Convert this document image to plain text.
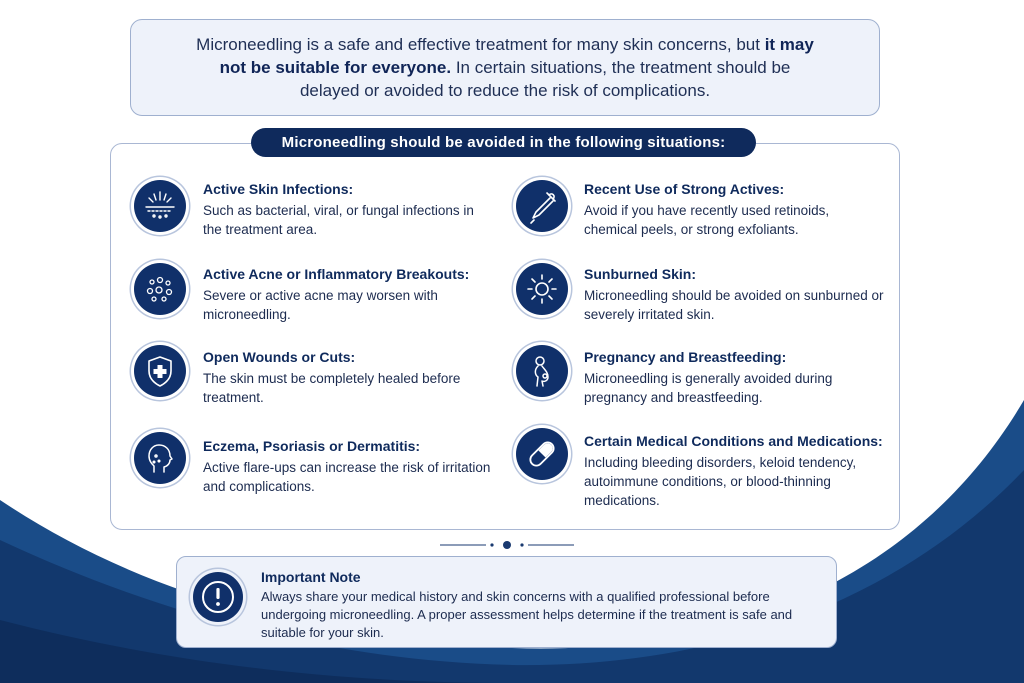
Microneedling is a safe and effective treatment for many skin concerns, but it may not be suitable for everyone. In certain situations, the treatment should be delayed or avoided to reduce the risk of complications.
Microneedling should be avoided in the following situations:
Active Skin Infections:
Such as bacterial, viral, or fungal infections in the treatment area.
Active Acne or Inflammatory Breakouts:
Severe or active acne may worsen with microneedling.
Open Wounds or Cuts:
The skin must be completely healed before treatment.
Eczema, Psoriasis or Dermatitis:
Active flare-ups can increase the risk of irritation and complications.
Recent Use of Strong Actives:
Avoid if you have recently used retinoids, chemical peels, or strong exfoliants.
Sunburned Skin:
Microneedling should be avoided on sunburned or severely irritated skin.
Pregnancy and Breastfeeding:
Microneedling is generally avoided during pregnancy and breastfeeding.
Certain Medical Conditions and Medications:
Including bleeding disorders, keloid tendency, autoimmune conditions, or blood-thinning medications.
Important Note
Always share your medical history and skin concerns with a qualified professional before undergoing microneedling. A proper assessment helps determine if the treatment is safe and suitable for your skin.
